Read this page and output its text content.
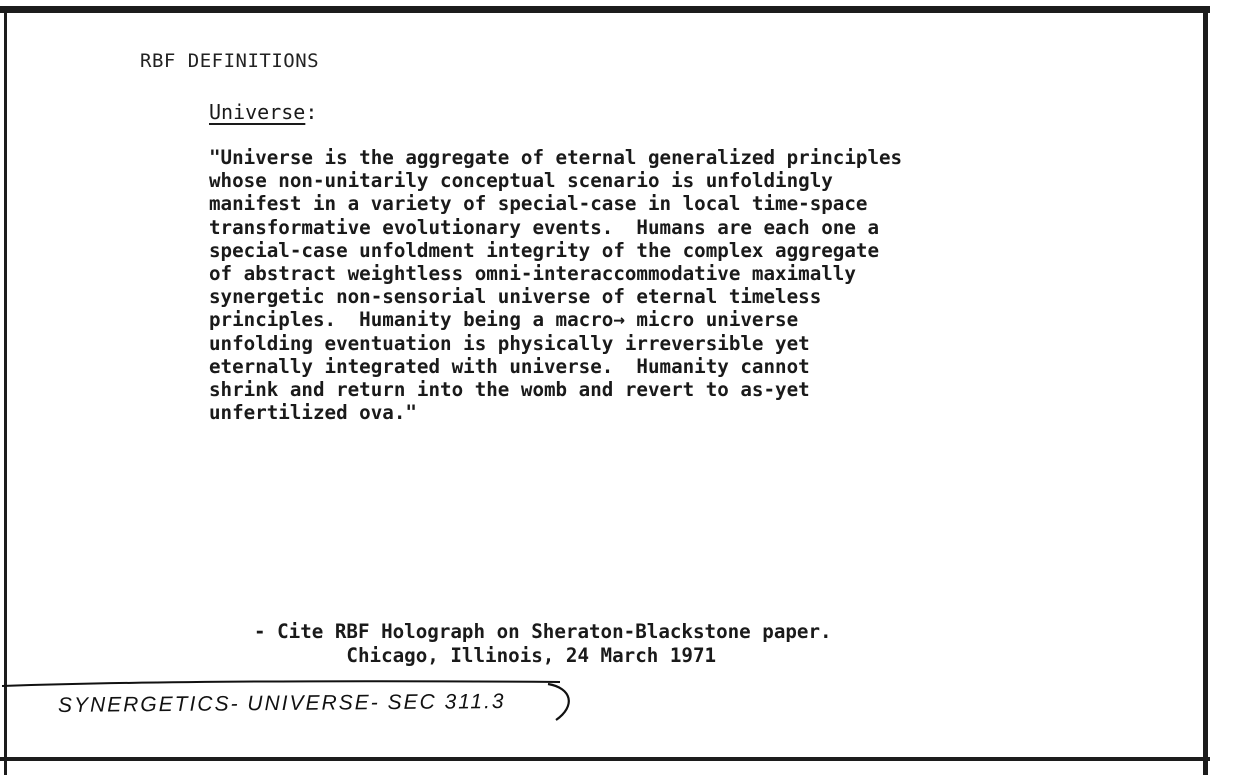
RBF DEFINITIONS
Universe:
"Universe is the aggregate of eternal generalized principles
whose non-unitarily conceptual scenario is unfoldingly
manifest in a variety of special-case in local time-space
transformative evolutionary events.  Humans are each one a
special-case unfoldment integrity of the complex aggregate
of abstract weightless omni-interaccommodative maximally
synergetic non-sensorial universe of eternal timeless
principles.  Humanity being a macro→ micro universe
unfolding eventuation is physically irreversible yet
eternally integrated with universe.  Humanity cannot
shrink and return into the womb and revert to as-yet
unfertilized ova."
- Cite RBF Holograph on Sheraton-Blackstone paper.
Chicago, Illinois, 24 March 1971
SYNERGETICS- UNIVERSE- SEC 311.3
